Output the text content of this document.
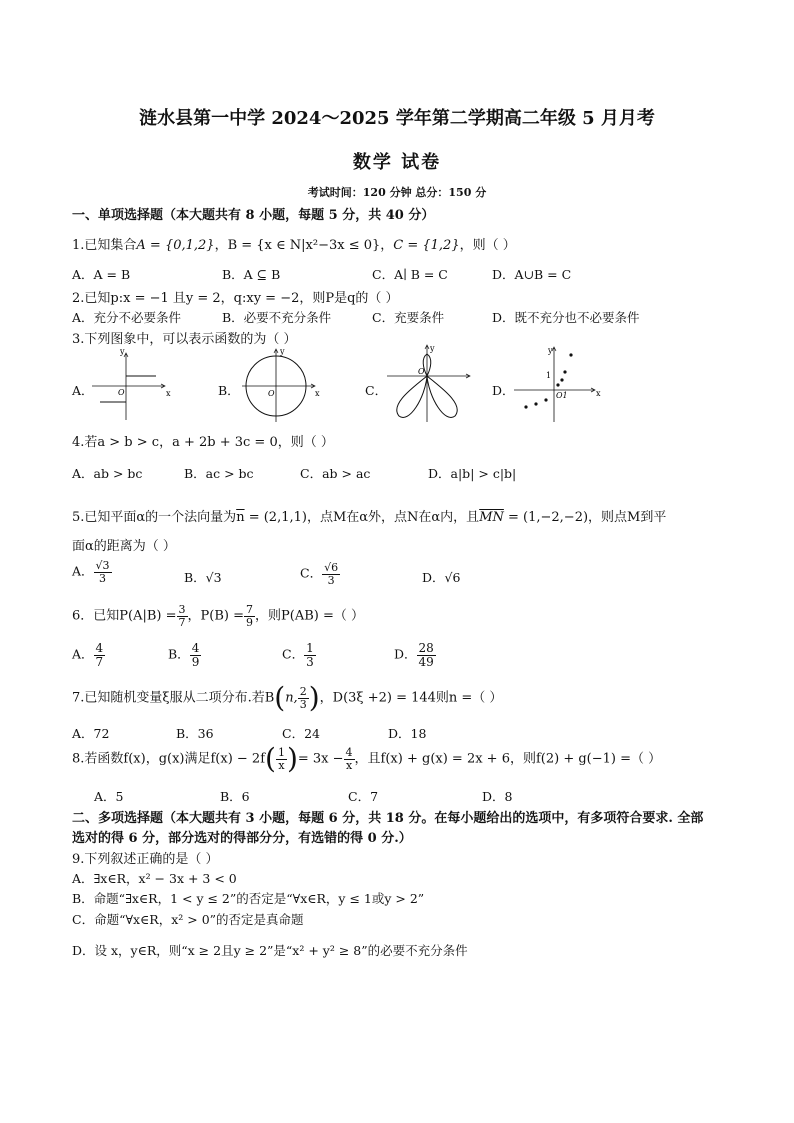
涟水县第一中学 2024～2025 学年第二学期高二年级 5 月月考
数学 试卷
考试时间：120 分钟 总分：150 分
一、单项选择题（本大题共有 8 小题，每题 5 分，共 40 分）
1.已知集合A = {0,1,2}，B = {x ∈ N|x²−3x ≤ 0}，C = {1,2}，则（ ）
A．A = B	B．A ⊆ B	C．A∣ B = C	D．A∪B = C
2.已知p:x = −1 且y = 2，q:xy = −2，则P是q的（ ）
A．充分不必要条件	B．必要不充分条件	C．充要条件	D．既不充分也不必要条件
3.下列图象中，可以表示函数的为（ ）
A．	B．	C．	D．
y
x
O
y
x
O
y
O
y
x
1
O1
4.若a > b > c，a + 2b + 3c = 0，则（ ）
A．ab > bc	B．ac > bc	C．ab > ac	D．a|b| > c|b|
5.已知平面α的一个法向量为$\overline{n} = (2,1,1)$，点M在α外，点N在α内，且$\overline{MN} = (1,-2,-2)$，则点M到平
面α的距离为（ ）
A． $\frac{√3}{3}$	B．√3	C． $\frac{√6}{3}$	D．√6
6．已知$P(A|B) = \frac{3}{7}$ ，$P(B) = \frac{7}{9}$ ，则P(AB) =（ ）
A． $\frac{4}{7}$	B． $\frac{4}{9}$	C． $\frac{1}{3}$	D． $\frac{28}{49}$
7.已知随机变量ξ服从二项分布.若B(n, $\frac{2}{3}$ )，D(3ξ +2) = 144则n =（ ）
A．72	B．36	C．24	D．18
8.若函数f(x)，g(x)满足$f(x) - 2f( \frac{1}{x}$ )= $3x - \frac{4}{x}$ ，且f(x) + g(x) = 2x + 6，则f(2) + g(−1) =（ ）
A．5	B．6	C．7	D．8
二、多项选择题（本大题共有 3 小题，每题 6 分，共 18 分。在每小题给出的选项中，有多项符合要求. 全部
选对的得 6 分，部分选对的得部分分，有选错的得 0 分.）
9.下列叙述正确的是（ ）
A．∃x∈R，x² − 3x + 3 < 0
B．命题“∃x∈R，1 < y ≤ 2”的否定是“∀x∈R，y ≤ 1或y > 2”
C．命题“∀x∈R，x² > 0”的否定是真命题
D．设 x，y∈R，则“x ≥ 2且y ≥ 2”是“x² + y² ≥ 8”的必要不充分条件
